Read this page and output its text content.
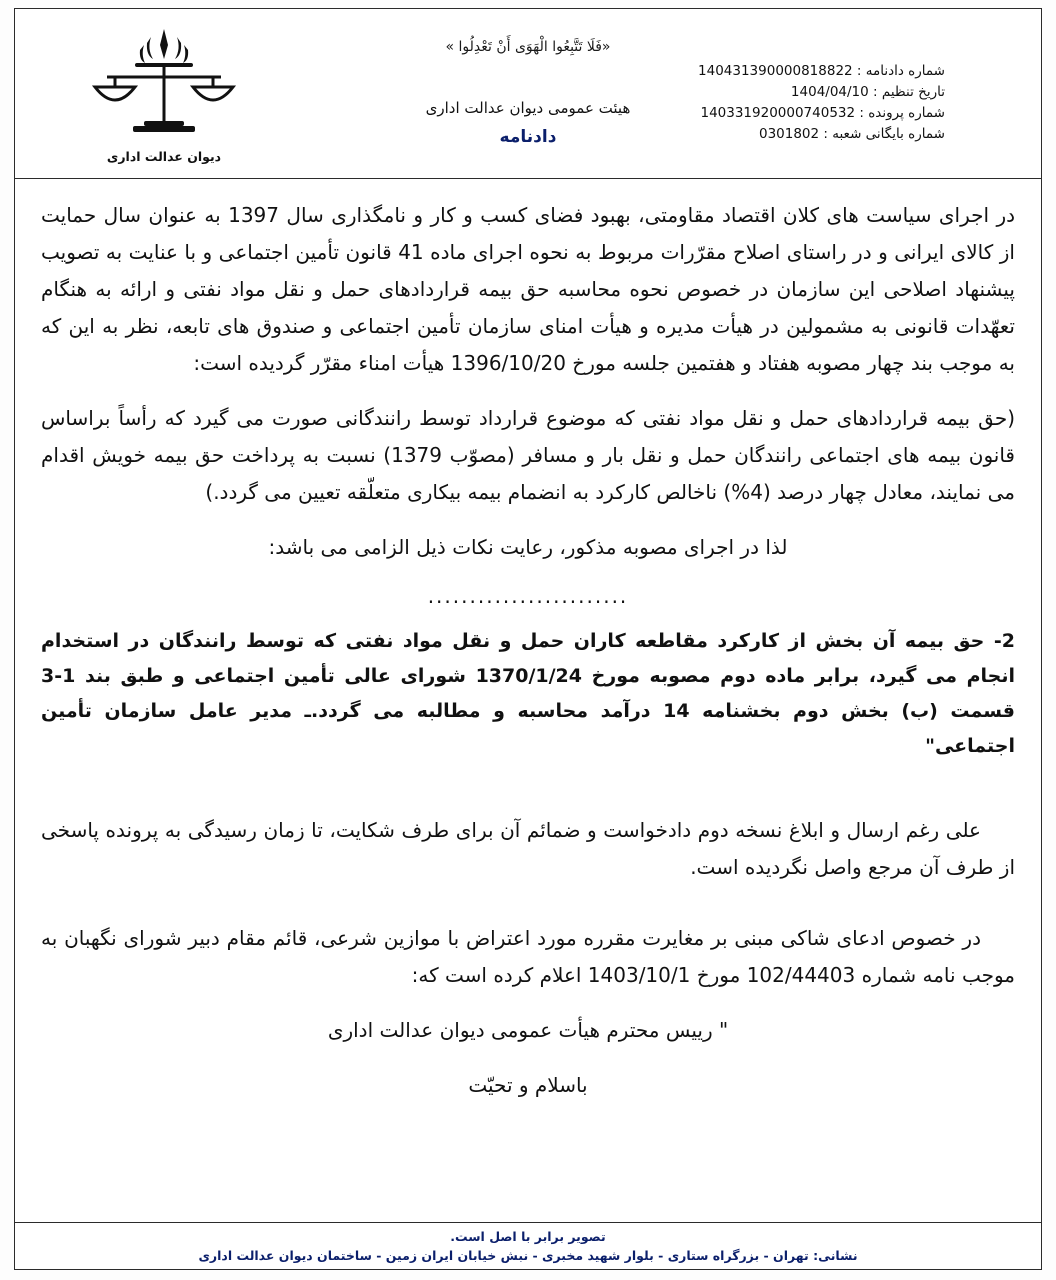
شماره دادنامه : 140431390000818822
تاریخ تنظیم : 1404/04/10
شماره پرونده : 140331920000740532
شماره بایگانی شعبه : 0301802
«فَلَا تَتَّبِعُوا الْهَوَى أَنْ تَعْدِلُوا »
هیئت عمومی دیوان عدالت اداری
دادنامه
دیوان عدالت اداری

در اجرای سیاست های کلان اقتصاد مقاومتی، بهبود فضای کسب و کار و نامگذاری سال 1397 به عنوان سال حمایت از کالای ایرانی و در راستای اصلاح مقرّرات مربوط به نحوه اجرای ماده 41 قانون تأمین اجتماعی و با عنایت به تصویب پیشنهاد اصلاحی این سازمان در خصوص نحوه محاسبه حق بیمه قراردادهای حمل و نقل مواد نفتی و ارائه به هنگام تعهّدات قانونی به مشمولین در هیأت مدیره و هیأت امنای سازمان تأمین اجتماعی و صندوق های تابعه، نظر به این که به موجب بند چهار مصوبه هفتاد و هفتمین جلسه مورخ 1396/10/20 هیأت امناء مقرّر گردیده است:

(حق بیمه قراردادهای حمل و نقل مواد نفتی که موضوع قرارداد توسط رانندگانی صورت می گیرد که رأساً براساس قانون بیمه های اجتماعی رانندگان حمل و نقل بار و مسافر (مصوّب 1379) نسبت به پرداخت حق بیمه خویش اقدام می نمایند، معادل چهار درصد (4%) ناخالص کارکرد به انضمام بیمه بیکاری متعلّقه تعیین می گردد.)

لذا در اجرای مصوبه مذکور، رعایت نکات ذیل الزامی می باشد:

........................

2- حق بیمه آن بخش از کارکرد مقاطعه کاران حمل و نقل مواد نفتی که توسط رانندگان در استخدام انجام می گیرد، برابر ماده دوم مصوبه مورخ 1370/1/24 شورای عالی تأمین اجتماعی و طبق بند 1-3 قسمت (ب) بخش دوم بخشنامه 14 درآمد محاسبه و مطالبه می گردد.ـ مدیر عامل سازمان تأمین اجتماعی"

علی رغم ارسال و ابلاغ نسخه دوم دادخواست و ضمائم آن برای طرف شکایت، تا زمان رسیدگی به پرونده پاسخی از طرف آن مرجع واصل نگردیده است.

در خصوص ادعای شاکی مبنی بر مغایرت مقرره مورد اعتراض با موازین شرعی، قائم مقام دبیر شورای نگهبان به موجب نامه شماره 102/44403 مورخ 1403/10/1 اعلام کرده است که:

" رییس محترم هیأت عمومی دیوان عدالت اداری

باسلام و تحیّت

تصویر برابر با اصل است.
نشانی: تهران - بزرگراه ستاری - بلوار شهید مخبری - نبش خیابان ایران زمین - ساختمان دیوان عدالت اداری
